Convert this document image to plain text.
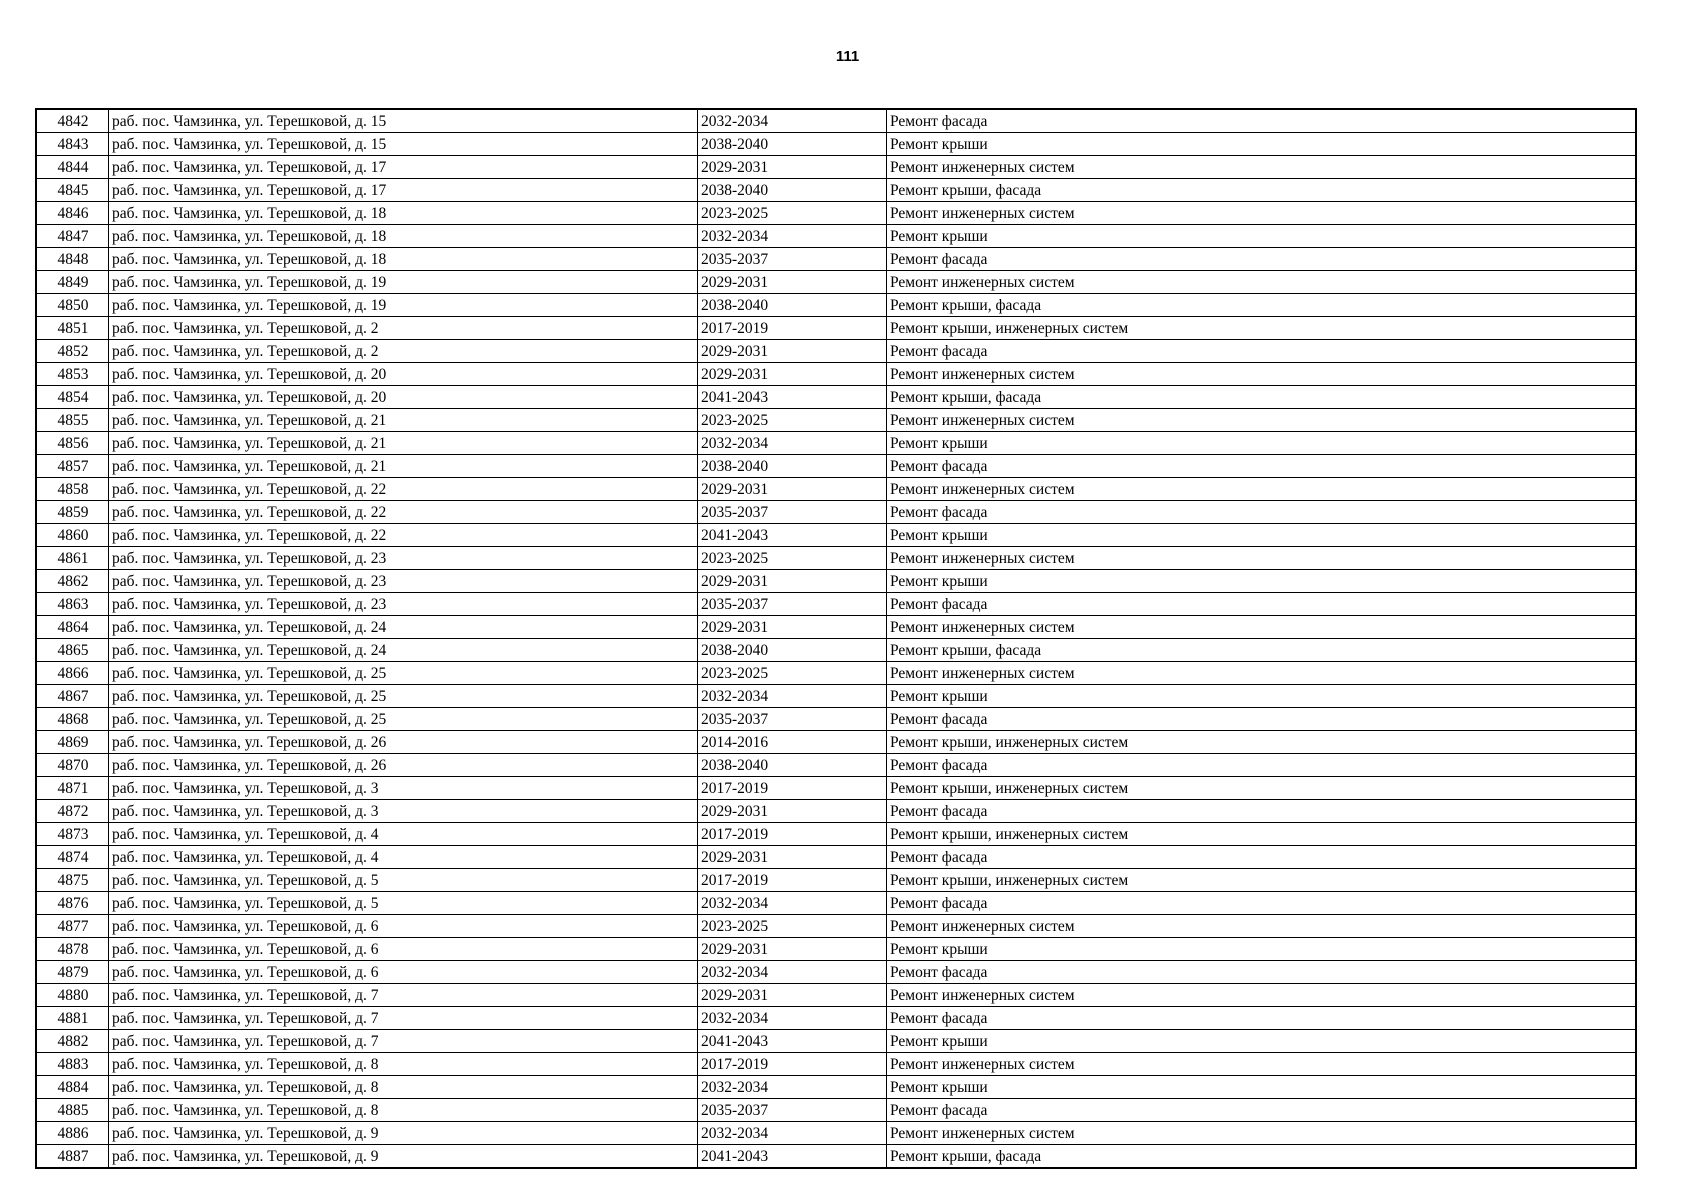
111
4842	раб. пос. Чамзинка, ул. Терешковой, д. 15	2032-2034	Ремонт фасада
4843	раб. пос. Чамзинка, ул. Терешковой, д. 15	2038-2040	Ремонт крыши
4844	раб. пос. Чамзинка, ул. Терешковой, д. 17	2029-2031	Ремонт инженерных систем
4845	раб. пос. Чамзинка, ул. Терешковой, д. 17	2038-2040	Ремонт крыши, фасада
4846	раб. пос. Чамзинка, ул. Терешковой, д. 18	2023-2025	Ремонт инженерных систем
4847	раб. пос. Чамзинка, ул. Терешковой, д. 18	2032-2034	Ремонт крыши
4848	раб. пос. Чамзинка, ул. Терешковой, д. 18	2035-2037	Ремонт фасада
4849	раб. пос. Чамзинка, ул. Терешковой, д. 19	2029-2031	Ремонт инженерных систем
4850	раб. пос. Чамзинка, ул. Терешковой, д. 19	2038-2040	Ремонт крыши, фасада
4851	раб. пос. Чамзинка, ул. Терешковой, д. 2	2017-2019	Ремонт крыши, инженерных систем
4852	раб. пос. Чамзинка, ул. Терешковой, д. 2	2029-2031	Ремонт фасада
4853	раб. пос. Чамзинка, ул. Терешковой, д. 20	2029-2031	Ремонт инженерных систем
4854	раб. пос. Чамзинка, ул. Терешковой, д. 20	2041-2043	Ремонт крыши, фасада
4855	раб. пос. Чамзинка, ул. Терешковой, д. 21	2023-2025	Ремонт инженерных систем
4856	раб. пос. Чамзинка, ул. Терешковой, д. 21	2032-2034	Ремонт крыши
4857	раб. пос. Чамзинка, ул. Терешковой, д. 21	2038-2040	Ремонт фасада
4858	раб. пос. Чамзинка, ул. Терешковой, д. 22	2029-2031	Ремонт инженерных систем
4859	раб. пос. Чамзинка, ул. Терешковой, д. 22	2035-2037	Ремонт фасада
4860	раб. пос. Чамзинка, ул. Терешковой, д. 22	2041-2043	Ремонт крыши
4861	раб. пос. Чамзинка, ул. Терешковой, д. 23	2023-2025	Ремонт инженерных систем
4862	раб. пос. Чамзинка, ул. Терешковой, д. 23	2029-2031	Ремонт крыши
4863	раб. пос. Чамзинка, ул. Терешковой, д. 23	2035-2037	Ремонт фасада
4864	раб. пос. Чамзинка, ул. Терешковой, д. 24	2029-2031	Ремонт инженерных систем
4865	раб. пос. Чамзинка, ул. Терешковой, д. 24	2038-2040	Ремонт крыши, фасада
4866	раб. пос. Чамзинка, ул. Терешковой, д. 25	2023-2025	Ремонт инженерных систем
4867	раб. пос. Чамзинка, ул. Терешковой, д. 25	2032-2034	Ремонт крыши
4868	раб. пос. Чамзинка, ул. Терешковой, д. 25	2035-2037	Ремонт фасада
4869	раб. пос. Чамзинка, ул. Терешковой, д. 26	2014-2016	Ремонт крыши, инженерных систем
4870	раб. пос. Чамзинка, ул. Терешковой, д. 26	2038-2040	Ремонт фасада
4871	раб. пос. Чамзинка, ул. Терешковой, д. 3	2017-2019	Ремонт крыши, инженерных систем
4872	раб. пос. Чамзинка, ул. Терешковой, д. 3	2029-2031	Ремонт фасада
4873	раб. пос. Чамзинка, ул. Терешковой, д. 4	2017-2019	Ремонт крыши, инженерных систем
4874	раб. пос. Чамзинка, ул. Терешковой, д. 4	2029-2031	Ремонт фасада
4875	раб. пос. Чамзинка, ул. Терешковой, д. 5	2017-2019	Ремонт крыши, инженерных систем
4876	раб. пос. Чамзинка, ул. Терешковой, д. 5	2032-2034	Ремонт фасада
4877	раб. пос. Чамзинка, ул. Терешковой, д. 6	2023-2025	Ремонт инженерных систем
4878	раб. пос. Чамзинка, ул. Терешковой, д. 6	2029-2031	Ремонт крыши
4879	раб. пос. Чамзинка, ул. Терешковой, д. 6	2032-2034	Ремонт фасада
4880	раб. пос. Чамзинка, ул. Терешковой, д. 7	2029-2031	Ремонт инженерных систем
4881	раб. пос. Чамзинка, ул. Терешковой, д. 7	2032-2034	Ремонт фасада
4882	раб. пос. Чамзинка, ул. Терешковой, д. 7	2041-2043	Ремонт крыши
4883	раб. пос. Чамзинка, ул. Терешковой, д. 8	2017-2019	Ремонт инженерных систем
4884	раб. пос. Чамзинка, ул. Терешковой, д. 8	2032-2034	Ремонт крыши
4885	раб. пос. Чамзинка, ул. Терешковой, д. 8	2035-2037	Ремонт фасада
4886	раб. пос. Чамзинка, ул. Терешковой, д. 9	2032-2034	Ремонт инженерных систем
4887	раб. пос. Чамзинка, ул. Терешковой, д. 9	2041-2043	Ремонт крыши, фасада
